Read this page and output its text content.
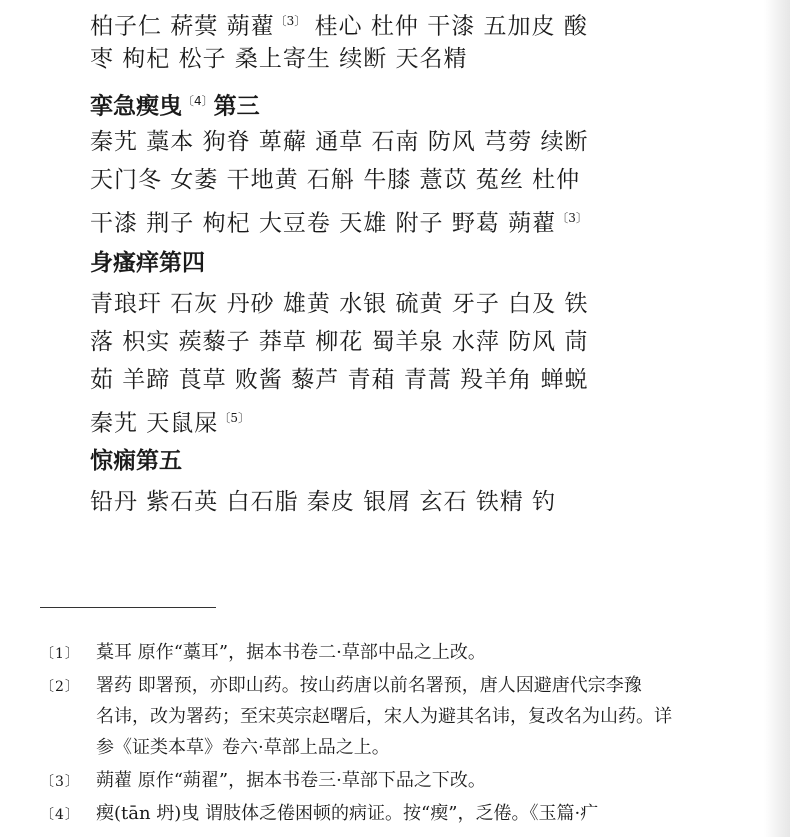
柏子仁 菥蓂 蒴藋$^{〔3〕}$ 桂心 杜仲 干漆 五加皮 酸
枣 枸杞 松子 桑上寄生 续断 天名精
挛急瘈曳$^{〔4〕}$第三
秦艽 藁本 狗脊 萆薢 通草 石南 防风 芎䓖 续断
天门冬 女萎 干地黄 石斛 牛膝 薏苡 菟丝 杜仲
干漆 荆子 枸杞 大豆卷 天雄 附子 野葛 蒴藋$^{〔3〕}$
身瘙痒第四
青琅玕 石灰 丹砂 雄黄 水银 硫黄 牙子 白及 铁
落 枳实 蒺藜子 莽草 柳花 蜀羊泉 水萍 防风 茼
茹 羊蹄 莨草 败酱 藜芦 青葙 青蒿 羖羊角 蝉蜕
秦艽 天鼠屎$^{〔5〕}$
惊痫第五
铅丹 紫石英 白石脂 秦皮 银屑 玄石 铁精 钓
〔1〕 葈耳 原作“藁耳”，据本书卷二·草部中品之上改。
〔2〕 署药 即署预，亦即山药。按山药唐以前名署预，唐人因避唐代宗李豫
名讳，改为署药；至宋英宗赵曙后，宋人为避其名讳，复改名为山药。详
参《证类本草》卷六·草部上品之上。
〔3〕 蒴藋 原作“蒴翟”，据本书卷三·草部下品之下改。
〔4〕 瘈(tān 坍)曳 谓肢体乏倦困顿的病证。按“瘈”，乏倦。《玉篇·疒
